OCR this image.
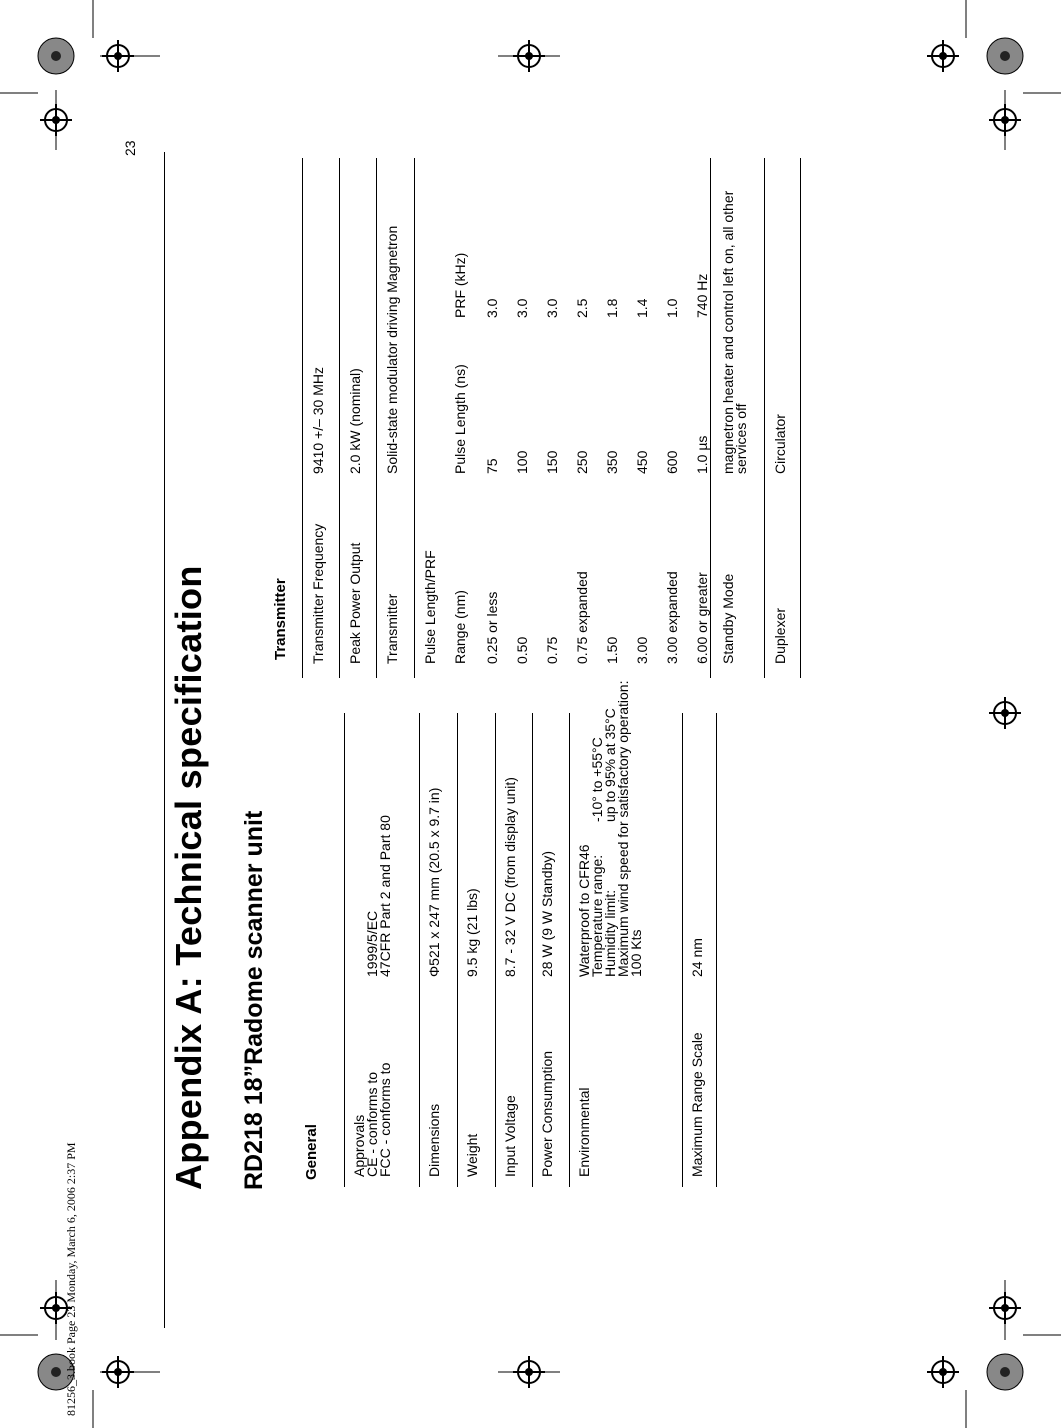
23
81256_3.book Page 23 Monday, March 6, 2006 2:37 PM
Appendix A: Technical specification RD218 18”Radome scanner unit General Approvals
CE - conforms to
FCC - conforms to

1999/5/EC
47CFR Part 2 and Part 80
Dimensions
Φ521 x 247 mm (20.5 x 9.7 in)
Weight
9.5 kg (21 lbs)
Input Voltage
8.7 - 32 V DC (from display unit)
Power Consumption
28 W (9 W Standby)
Environmental
Waterproof to CFR46
Temperature range:
Humidity limit:
Maximum wind speed for satisfactory operation:
100 Kts

-10° to +55°C
up to 95% at 35°C
Maximum Range Scale
24 nm
Transmitter Transmitter Frequency
9410 +/– 30 MHz
Peak Power Output
2.0 kW (nominal)
Transmitter
Solid-state modulator driving Magnetron
Pulse Length/PRF Range (nm)
Pulse Length (ns)
PRF (kHz)
0.25 or less
75
3.0
0.50
100
3.0
0.75
150
3.0
0.75 expanded
250
2.5
1.50
350
1.8
3.00
450
1.4
3.00 expanded
600
1.0
6.00 or greater
1.0 µs
740 Hz
Standby Mode
magnetron heater and control left on, all other
services off
Duplexer
Circulator
